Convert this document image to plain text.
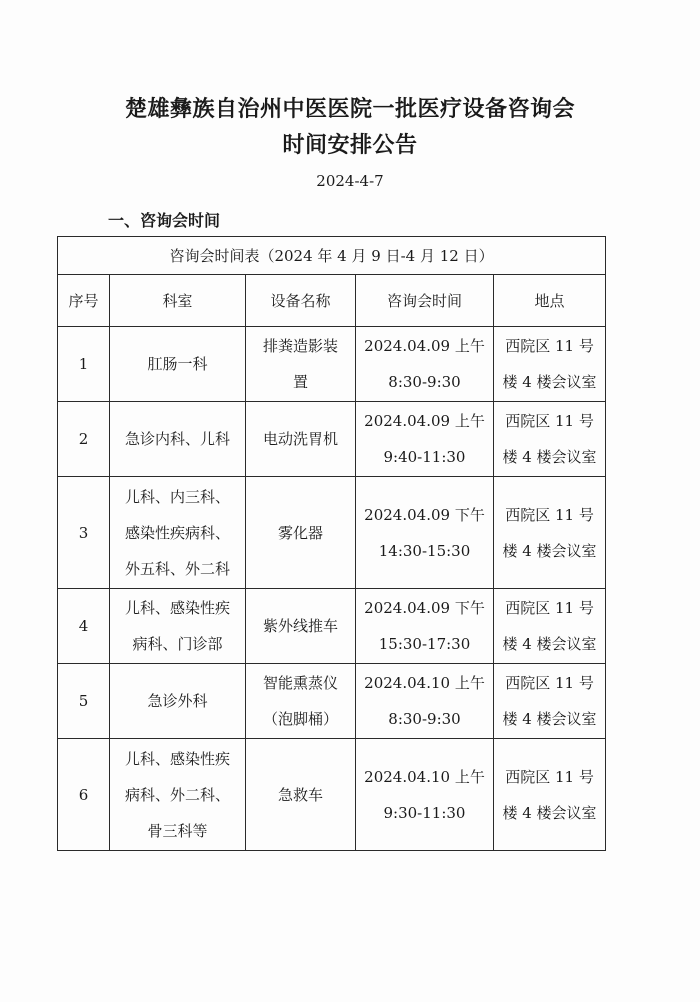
楚雄彝族自治州中医医院一批医疗设备咨询会
时间安排公告
2024-4-7
一、咨询会时间
咨询会时间表（2024 年 4 月 9 日-4 月 12 日）				
序号	科室	设备名称	咨询会时间	地点
1	肛肠一科	排粪造影装
置	2024.04.09 上午
8:30-9:30	西院区 11 号
楼 4 楼会议室

2	急诊内科、儿科	电动洗胃机	2024.04.09 上午
9:40-11:30	西院区 11 号
楼 4 楼会议室

3	儿科、内三科、
感染性疾病科、
外五科、外二科	雾化器	2024.04.09 下午
14:30-15:30	西院区 11 号
楼 4 楼会议室

4	儿科、感染性疾
病科、门诊部	紫外线推车	2024.04.09 下午
15:30-17:30	西院区 11 号
楼 4 楼会议室

5	急诊外科	智能熏蒸仪
（泡脚桶）	2024.04.10 上午
8:30-9:30	西院区 11 号
楼 4 楼会议室

6	儿科、感染性疾
病科、外二科、
骨三科等	急救车	2024.04.10 上午
9:30-11:30	西院区 11 号
楼 4 楼会议室
